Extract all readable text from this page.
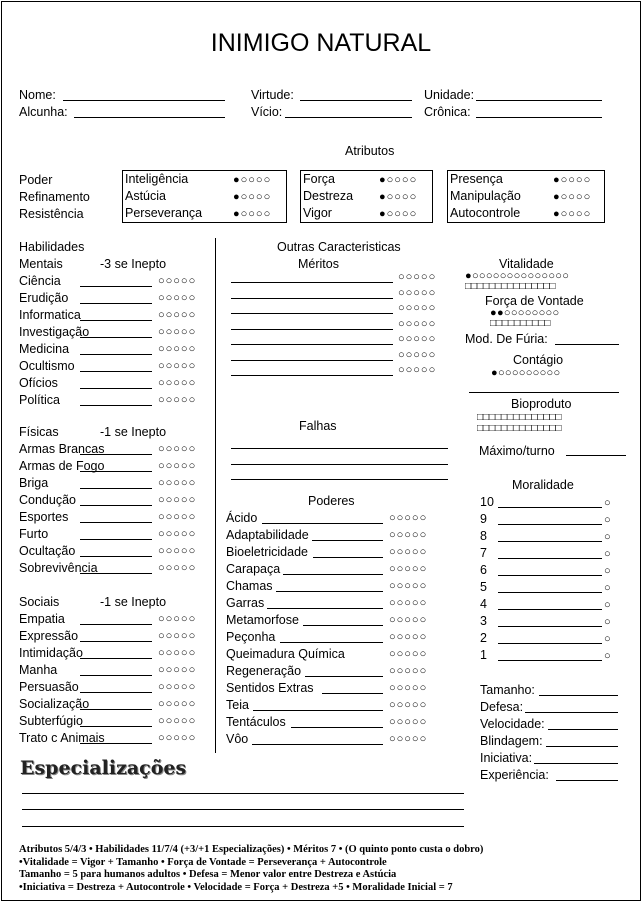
INIMIGO NATURAL
Nome:
Alcunha:
Virtude:
Vício:
Unidade:
Crônica:
Atributos
Poder
Refinamento
Resistência
Inteligência	●○○○○
Astúcia	●○○○○
Perseverança	●○○○○
Força	●○○○○
Destreza ●○○○○
Vigor	●○○○○
Presença	●○○○○
Manipulação	●○○○○
Autocontrole	●○○○○
Habilidades
Mentais	-3 se Inepto
Ciência	○○○○○
Erudição	○○○○○
Informatica	○○○○○
Investigação	○○○○○
Medicina	○○○○○
Ocultismo	○○○○○
Ofícios	○○○○○
Política	○○○○○
Físicas	-1 se Inepto
Armas Brancas	○○○○○
Armas de Fogo	○○○○○
Briga	○○○○○
Condução	○○○○○
Esportes	○○○○○
Furto	○○○○○
Ocultação	○○○○○
Sobrevivência	○○○○○
Sociais	-1 se Inepto
Empatia	○○○○○
Expressão	○○○○○
Intimidação	○○○○○
Manha	○○○○○
Persuasão	○○○○○
Socialização	○○○○○
Subterfúgio	○○○○○
Trato c Animais	○○○○○
Outras Caracteristicas
Méritos
○○○○○
○○○○○
○○○○○
○○○○○
○○○○○
○○○○○
○○○○○
Falhas
Poderes
Ácido	○○○○○
Adaptabilidade	○○○○○
Bioeletricidade	○○○○○
Carapaça	○○○○○
Chamas	○○○○○
Garras	○○○○○
Metamorfose	○○○○○
Peçonha	○○○○○
Queimadura Química	○○○○○
Regeneração	○○○○○
Sentidos Extras	○○○○○
Teia	○○○○○
Tentáculos	○○○○○
Vôo	○○○○○
Vitalidade
●○○○○○○○○○○○○○○
□□□□□□□□□□□□□□□
Força de Vontade
●●○○○○○○○○
□□□□□□□□□□
Mod. De Fúria:
Contágio
●○○○○○○○○○
Bioproduto
□□□□□□□□□□□□□□
□□□□□□□□□□□□□□
Máximo/turno
Moralidade
10	○
9	○
8	○
7	○
6	○
5	○
4	○
3	○
2	○
1	○
Tamanho:
Defesa:
Velocidade:
Blindagem:
Iniciativa:
Experiência:
Especializações
Atributos 5/4/3 • Habilidades 11/7/4 (+3/+1 Especializações) • Méritos 7 • (O quinto ponto custa o dobro)
•Vitalidade = Vigor + Tamanho • Força de Vontade = Perseverança + Autocontrole
Tamanho = 5 para humanos adultos • Defesa = Menor valor entre Destreza e Astúcia
•Iniciativa = Destreza + Autocontrole • Velocidade = Força + Destreza +5 • Moralidade Inicial = 7
